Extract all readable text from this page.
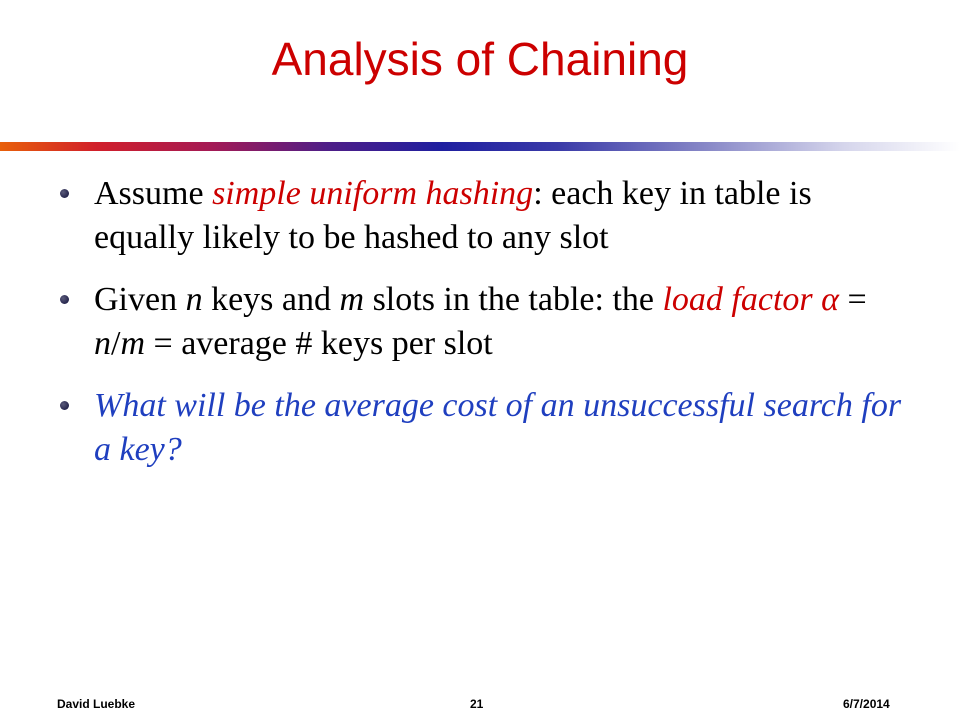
Analysis of Chaining
Assume simple uniform hashing: each key in table is equally likely to be hashed to any slot
Given n keys and m slots in the table: the load factor α = n/m = average # keys per slot
What will be the average cost of an unsuccessful search for a key?
David Luebke	21	6/7/2014
